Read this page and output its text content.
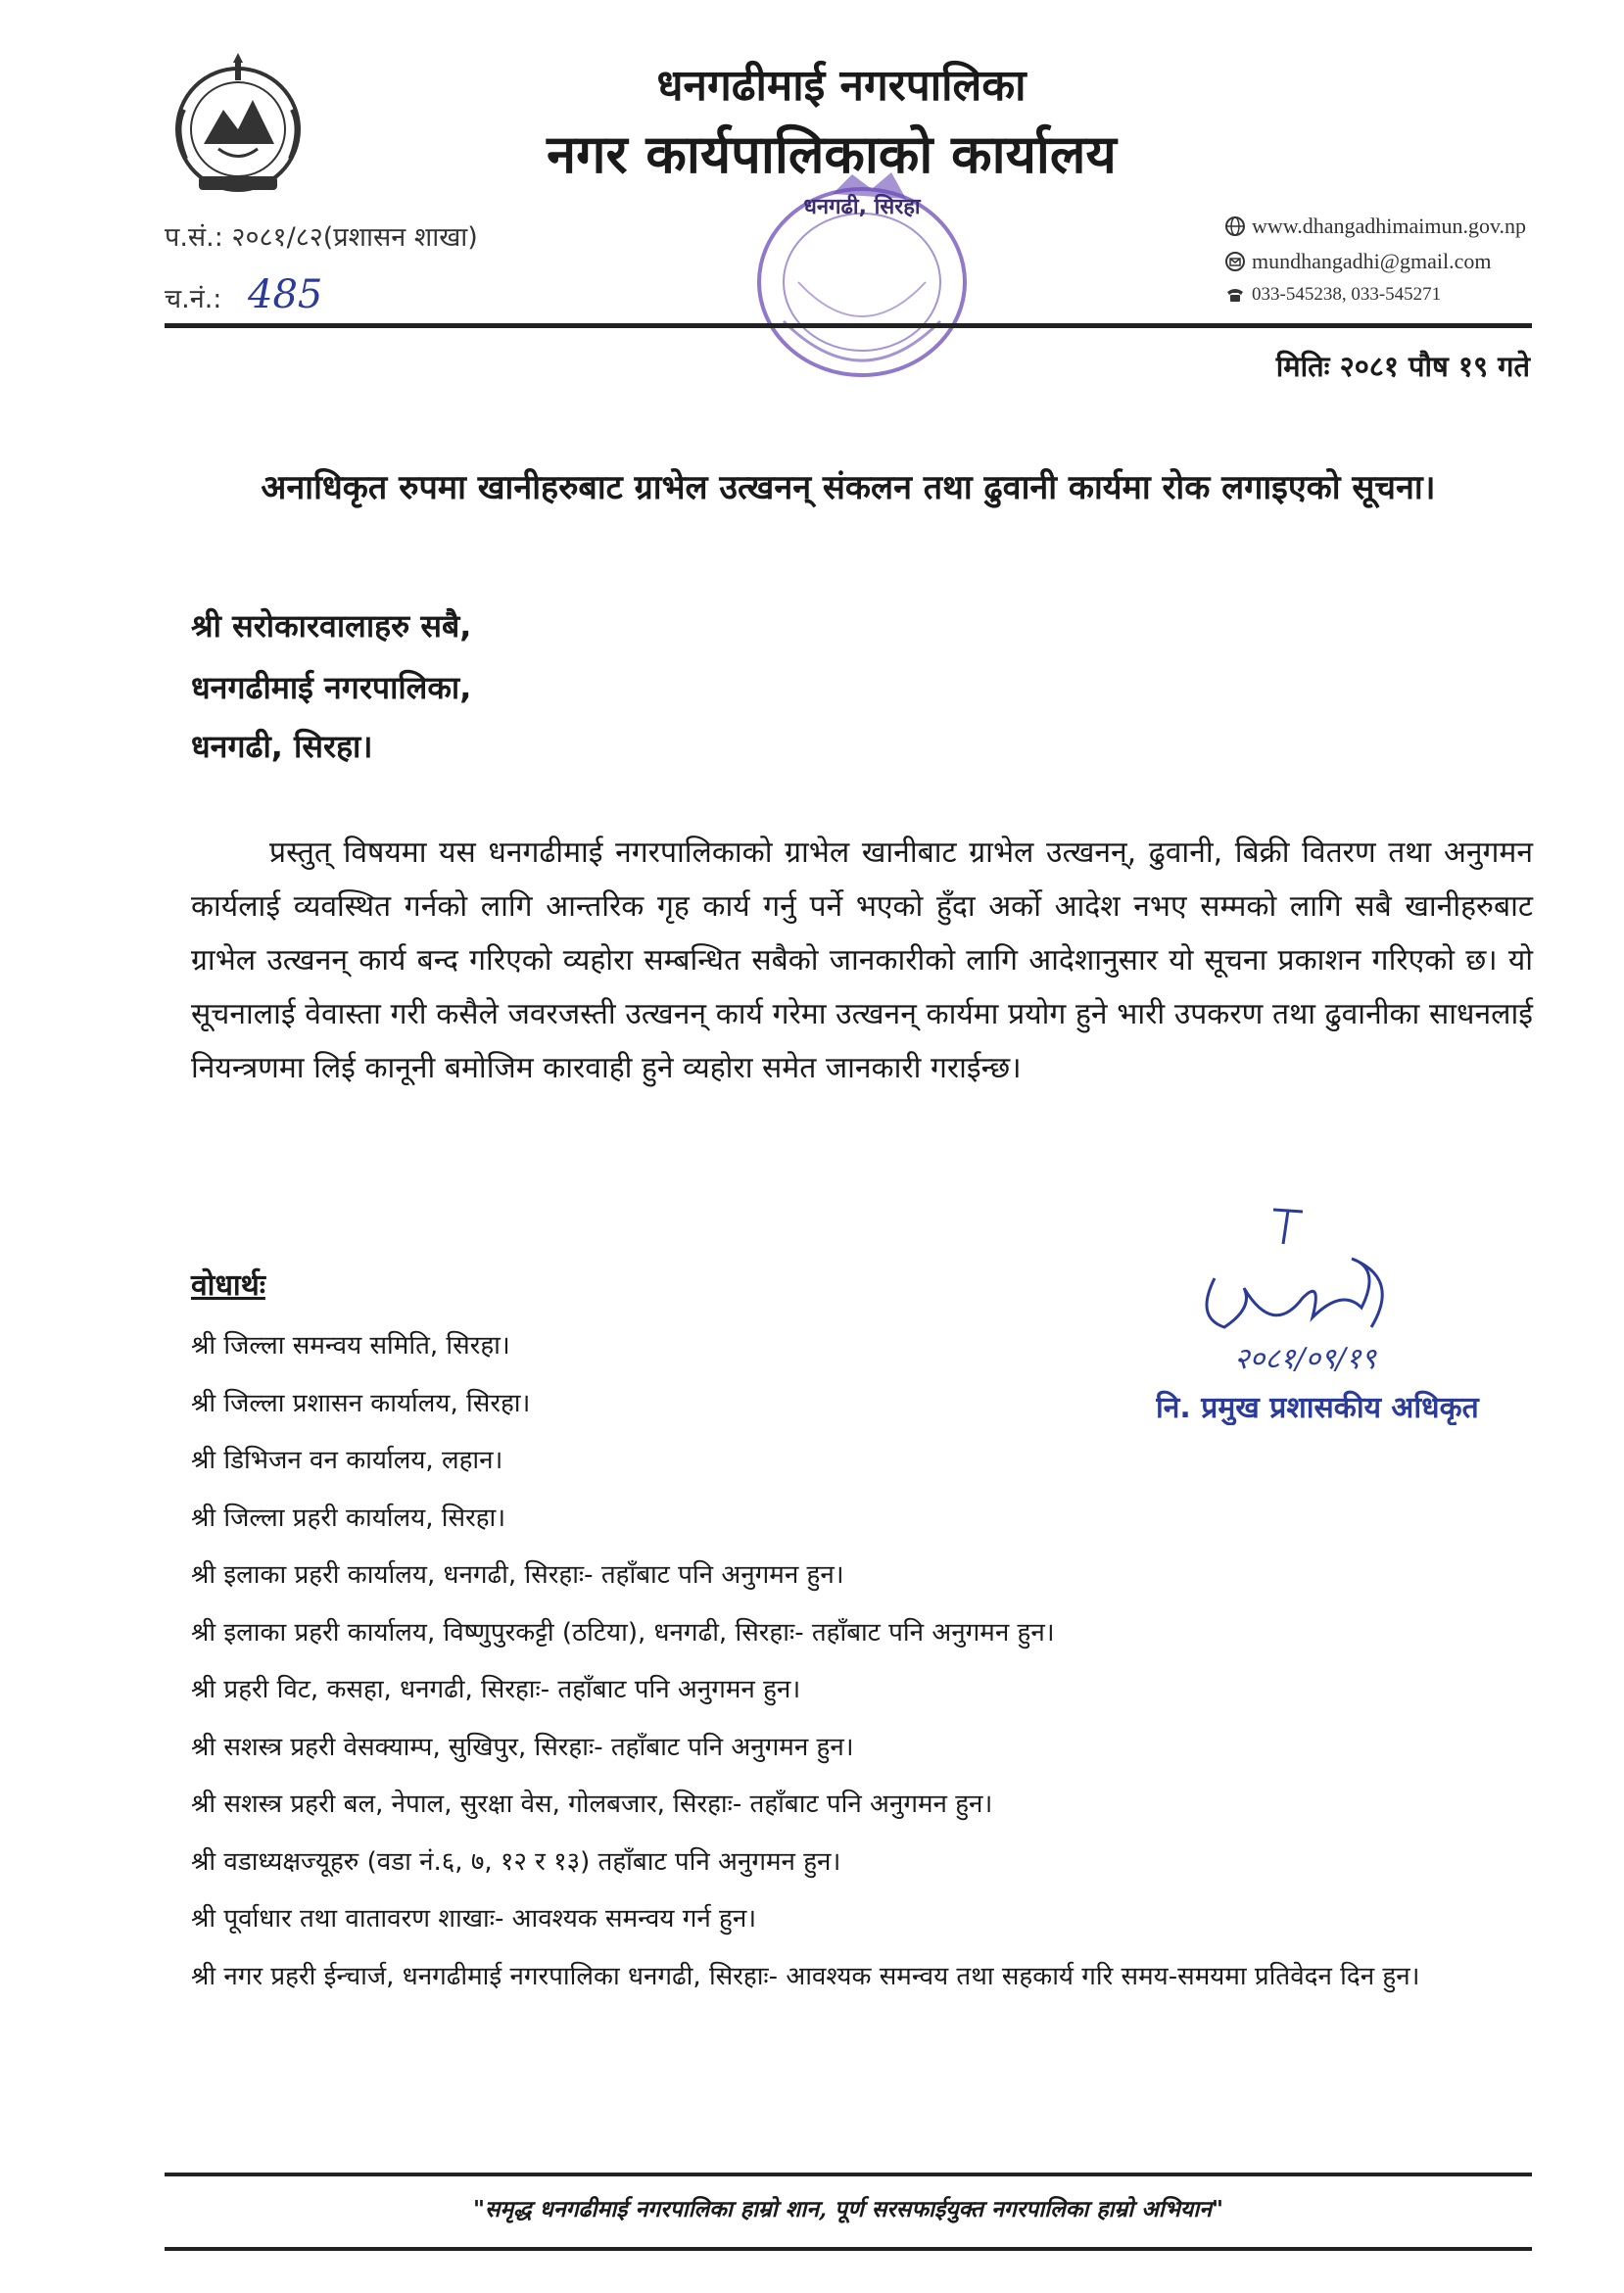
धनगढीमाई नगरपालिका
नगर कार्यपालिकाको कार्यालय
प.सं.: २०८१/८२(प्रशासन शाखा)
च.नं.: 485
www.dhangadhimaimun.gov.np
mundhangadhi@gmail.com
033-545238, 033-545271
धनगढी, सिरहा
मितिः २०८१ पौष १९ गते
अनाधिकृत रुपमा खानीहरुबाट ग्राभेल उत्खनन् संकलन तथा ढुवानी कार्यमा रोक लगाइएको सूचना।
श्री सरोकारवालाहरु सबै,
धनगढीमाई नगरपालिका,
धनगढी, सिरहा।

प्रस्तुत् विषयमा यस धनगढीमाई नगरपालिकाको ग्राभेल खानीबाट ग्राभेल उत्खनन्, ढुवानी, बिक्री वितरण तथा अनुगमन कार्यलाई व्यवस्थित गर्नको लागि आन्तरिक गृह कार्य गर्नु पर्ने भएको हुँदा अर्को आदेश नभए सम्मको लागि सबै खानीहरुबाट ग्राभेल उत्खनन् कार्य बन्द गरिएको व्यहोरा सम्बन्धित सबैको जानकारीको लागि आदेशानुसार यो सूचना प्रकाशन गरिएको छ। यो सूचनालाई वेवास्ता गरी कसैले जवरजस्ती उत्खनन् कार्य गरेमा उत्खनन् कार्यमा प्रयोग हुने भारी उपकरण तथा ढुवानीका साधनलाई नियन्त्रणमा लिई कानूनी बमोजिम कारवाही हुने व्यहोरा समेत जानकारी गराईन्छ।

२०८१/०९/१९
नि. प्रमुख प्रशासकीय अधिकृत
वोधार्थः
श्री जिल्ला समन्वय समिति, सिरहा।
श्री जिल्ला प्रशासन कार्यालय, सिरहा।
श्री डिभिजन वन कार्यालय, लहान।
श्री जिल्ला प्रहरी कार्यालय, सिरहा।
श्री इलाका प्रहरी कार्यालय, धनगढी, सिरहाः- तहाँबाट पनि अनुगमन हुन।
श्री इलाका प्रहरी कार्यालय, विष्णुपुरकट्टी (ठटिया), धनगढी, सिरहाः- तहाँबाट पनि अनुगमन हुन।
श्री प्रहरी विट, कसहा, धनगढी, सिरहाः- तहाँबाट पनि अनुगमन हुन।
श्री सशस्त्र प्रहरी वेसक्याम्प, सुखिपुर, सिरहाः- तहाँबाट पनि अनुगमन हुन।
श्री सशस्त्र प्रहरी बल, नेपाल, सुरक्षा वेस, गोलबजार, सिरहाः- तहाँबाट पनि अनुगमन हुन।
श्री वडाध्यक्षज्यूहरु (वडा नं.६, ७, १२ र १३) तहाँबाट पनि अनुगमन हुन।
श्री पूर्वाधार तथा वातावरण शाखाः- आवश्यक समन्वय गर्न हुन।
श्री नगर प्रहरी ईन्चार्ज, धनगढीमाई नगरपालिका धनगढी, सिरहाः- आवश्यक समन्वय तथा सहकार्य गरि समय-समयमा प्रतिवेदन दिन हुन।
"समृद्ध धनगढीमाई नगरपालिका हाम्रो शान, पूर्ण सरसफाईयुक्त नगरपालिका हाम्रो अभियान"
